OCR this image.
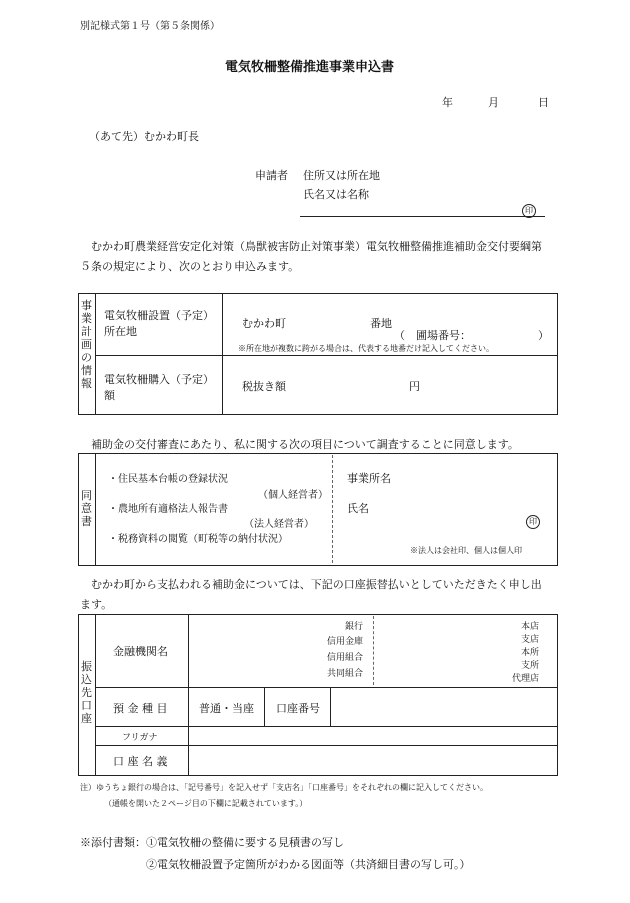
別記様式第１号（第５条関係）
電気牧柵整備推進事業申込書
年	月	日
（あて先）むかわ町長
申請者 住所又は所在地
氏名又は名称
印
むかわ町農業経営安定化対策（鳥獣被害防止対策事業）電気牧柵整備推進補助金交付要綱第５条の規定により、次のとおり申込みます。
事業計画の情報
電気牧柵設置（予定）所在地
むかわ町	番地
（　圃場番号：	）
※所在地が複数に跨がる場合は、代表する地番だけ記入してください。
電気牧柵購入（予定）額
税抜き額	円
補助金の交付審査にあたり、私に関する次の項目について調査することに同意します。
同意書
・住民基本台帳の登録状況
（個人経営者）
・農地所有適格法人報告書
（法人経営者）
・税務資料の閲覧（町税等の納付状況）
事業所名
氏名
印
※法人は会社印、個人は個人印
むかわ町から支払われる補助金については、下記の口座振替払いとしていただきたく申し出ます。
振込先口座
金融機関名
銀行
信用金庫
信用組合
共同組合
本店
支店
本所
支所
代理店
預 金 種 目	普通・当座 口座番号
フリガナ
口 座 名 義
注）ゆうちょ銀行の場合は、「記号番号」を記入せず「支店名」「口座番号」をそれぞれの欄に記入してください。
（通帳を開いた２ページ目の下欄に記載されています。）
※添付書類： ①電気牧柵の整備に要する見積書の写し
②電気牧柵設置予定箇所がわかる図面等（共済細目書の写し可。）
